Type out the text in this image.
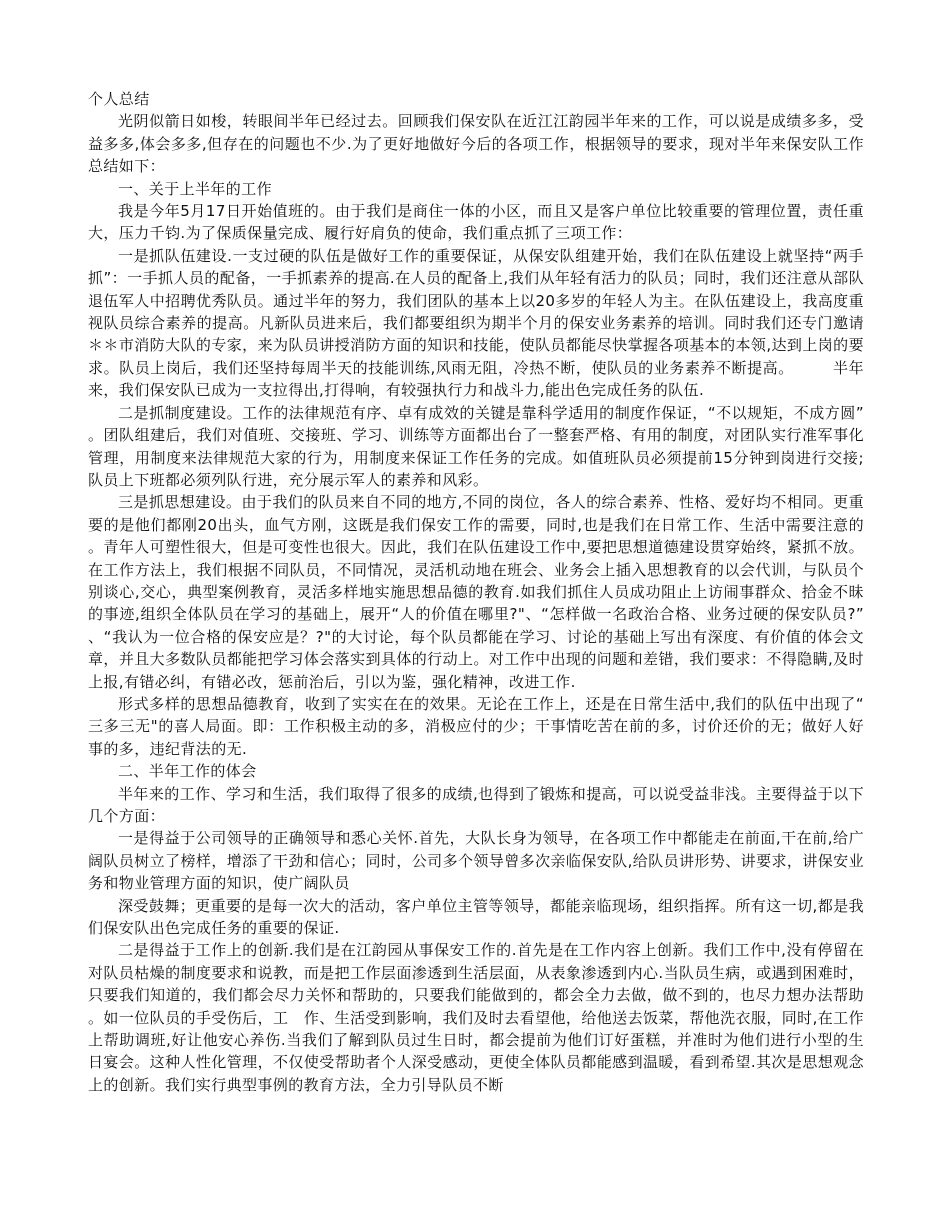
个人总结

光阴似箭日如梭，转眼间半年已经过去。回顾我们保安队在近江江韵园半年来的工作，可以说是成绩多多，受益多多,体会多多,但存在的问题也不少.为了更好地做好今后的各项工作，根据领导的要求，现对半年来保安队工作总结如下：

一、关于上半年的工作

我是今年5月17日开始值班的。由于我们是商住一体的小区，而且又是客户单位比较重要的管理位置，责任重大，压力千钧.为了保质保量完成、履行好肩负的使命，我们重点抓了三项工作：

一是抓队伍建设.一支过硬的队伍是做好工作的重要保证，从保安队组建开始，我们在队伍建设上就坚持“两手抓”：一手抓人员的配备，一手抓素养的提高.在人员的配备上,我们从年轻有活力的队员；同时，我们还注意从部队退伍军人中招聘优秀队员。通过半年的努力，我们团队的基本上以20多岁的年轻人为主。在队伍建设上，我高度重视队员综合素养的提高。凡新队员进来后，我们都要组织为期半个月的保安业务素养的培训。同时我们还专门邀请＊＊市消防大队的专家，来为队员讲授消防方面的知识和技能，使队员都能尽快掌握各项基本的本领,达到上岗的要求。队员上岗后，我们还坚持每周半天的技能训练,风雨无阻，冷热不断，使队员的业务素养不断提高。　　　半年来，我们保安队已成为一支拉得出,打得响，有较强执行力和战斗力,能出色完成任务的队伍.

二是抓制度建设。工作的法律规范有序、卓有成效的关键是靠科学适用的制度作保证，“不以规矩，不成方圆”。团队组建后，我们对值班、交接班、学习、训练等方面都出台了一整套严格、有用的制度，对团队实行准军事化管理，用制度来法律规范大家的行为，用制度来保证工作任务的完成。如值班队员必须提前15分钟到岗进行交接;队员上下班都必须列队行进，充分展示军人的素养和风彩。

三是抓思想建设。由于我们的队员来自不同的地方,不同的岗位，各人的综合素养、性格、爱好均不相同。更重要的是他们都刚20出头，血气方刚，这既是我们保安工作的需要，同时,也是我们在日常工作、生活中需要注意的。青年人可塑性很大，但是可变性也很大。因此，我们在队伍建设工作中,要把思想道德建设贯穿始终，紧抓不放。在工作方法上，我们根据不同队员，不同情况，灵活机动地在班会、业务会上插入思想教育的以会代训，与队员个别谈心,交心，典型案例教育，灵活多样地实施思想品德的教育.如我们抓住人员成功阻止上访闹事群众、拾金不昧的事迹,组织全体队员在学习的基础上，展开“人的价值在哪里?"、“怎样做一名政治合格、业务过硬的保安队员?”、“我认为一位合格的保安应是？?"的大讨论，每个队员都能在学习、讨论的基础上写出有深度、有价值的体会文章，并且大多数队员都能把学习体会落实到具体的行动上。对工作中出现的问题和差错，我们要求：不得隐瞒,及时上报,有错必纠，有错必改，惩前治后，引以为鉴，强化精神，改进工作.

形式多样的思想品德教育，收到了实实在在的效果。无论在工作上，还是在日常生活中,我们的队伍中出现了“三多三无"的喜人局面。即：工作积极主动的多，消极应付的少；干事情吃苦在前的多，讨价还价的无；做好人好事的多，违纪背法的无.

二、半年工作的体会

半年来的工作、学习和生活，我们取得了很多的成绩,也得到了锻炼和提高，可以说受益非浅。主要得益于以下几个方面：

一是得益于公司领导的正确领导和悉心关怀.首先，大队长身为领导，在各项工作中都能走在前面,干在前,给广阔队员树立了榜样，增添了干劲和信心；同时，公司多个领导曾多次亲临保安队,给队员讲形势、讲要求，讲保安业务和物业管理方面的知识，使广阔队员

深受鼓舞；更重要的是每一次大的活动，客户单位主管等领导，都能亲临现场，组织指挥。所有这一切,都是我们保安队出色完成任务的重要的保证.

二是得益于工作上的创新.我们是在江韵园从事保安工作的.首先是在工作内容上创新。我们工作中,没有停留在对队员枯燥的制度要求和说教，而是把工作层面渗透到生活层面，从表象渗透到内心.当队员生病，或遇到困难时，只要我们知道的，我们都会尽力关怀和帮助的，只要我们能做到的，都会全力去做，做不到的，也尽力想办法帮助。如一位队员的手受伤后，工　作、生活受到影响，我们及时去看望他，给他送去饭菜，帮他洗衣服，同时,在工作上帮助调班,好让他安心养伤.当我们了解到队员过生日时，都会提前为他们订好蛋糕，并准时为他们进行小型的生日宴会。这种人性化管理，不仅使受帮助者个人深受感动，更使全体队员都能感到温暖，看到希望.其次是思想观念上的创新。我们实行典型事例的教育方法，全力引导队员不断
